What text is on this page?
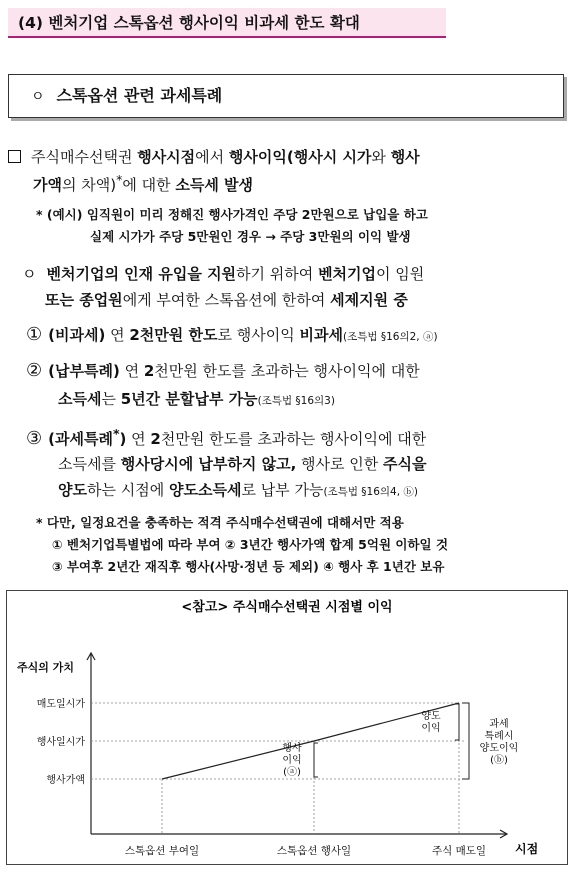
(4) 벤처기업 스톡옵션 행사이익 비과세 한도 확대
ㅇ 스톡옵션 관련 과세특례
주식매수선택권 행사시점에서 행사이익(행사시 시가와 행사
가액의 차액)*에 대한 소득세 발생
* (예시) 임직원이 미리 정해진 행사가격인 주당 2만원으로 납입을 하고
실제 시가가 주당 5만원인 경우 → 주당 3만원의 이익 발생
ㅇ 벤처기업의 인재 유입을 지원하기 위하여 벤처기업이 임원
또는 종업원에게 부여한 스톡옵션에 한하여 세제지원 중
① (비과세) 연 2천만원 한도로 행사이익 비과세(조특법 §16의2, ⓐ)
② (납부특례) 연 2천만원 한도를 초과하는 행사이익에 대한
소득세는 5년간 분할납부 가능(조특법 §16의3)
③ (과세특례*) 연 2천만원 한도를 초과하는 행사이익에 대한
소득세를 행사당시에 납부하지 않고, 행사로 인한 주식을
양도하는 시점에 양도소득세로 납부 가능(조특법 §16의4, ⓑ)
* 다만, 일정요건을 충족하는 적격 주식매수선택권에 대해서만 적용
① 벤처기업특별법에 따라 부여 ② 3년간 행사가액 합계 5억원 이하일 것
③ 부여후 2년간 재직후 행사(사망·정년 등 제외) ④ 행사 후 1년간 보유
<참고> 주식매수선택권 시점별 이익
주식의 가치
시점
행사가액
행사일시가
매도일시가
스톡옵션 부여일	스톡옵션 행사일	주식 매도일
행사
이익
(ⓐ)
양도
이익	과세
특례시
양도이익
(ⓑ)
